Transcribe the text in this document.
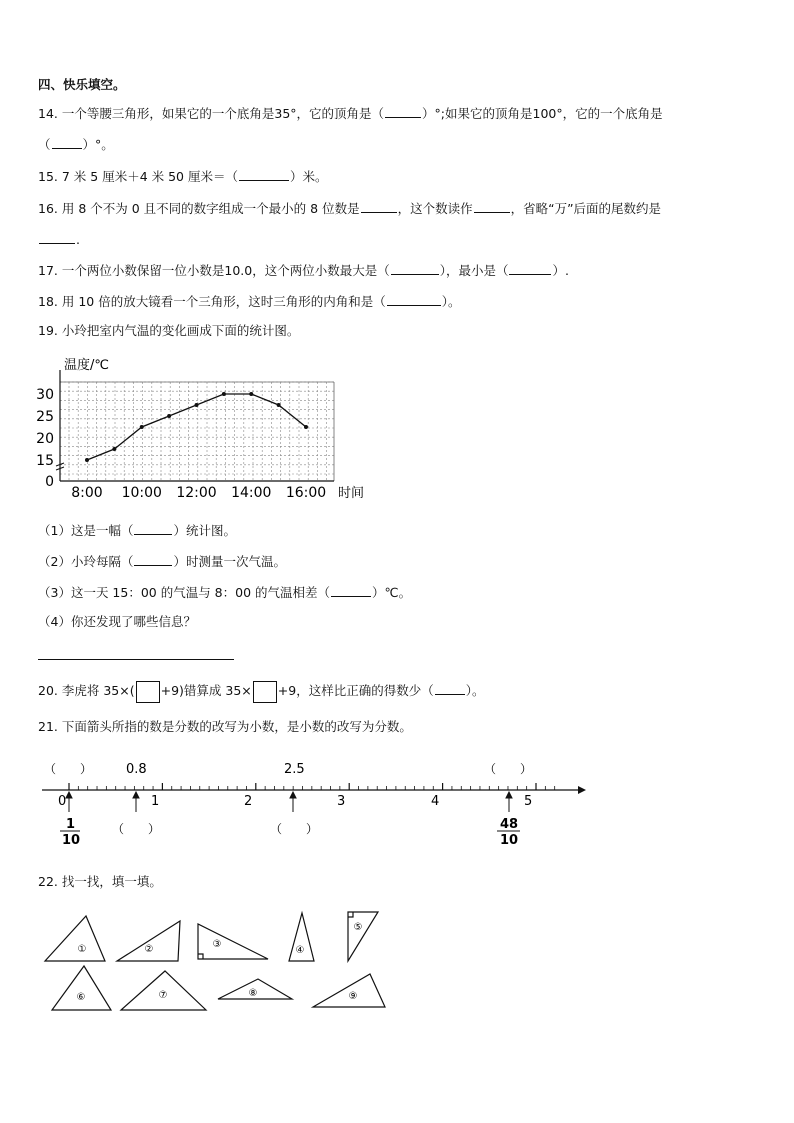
四、快乐填空。
14. 一个等腰三角形，如果它的一个底角是35°，它的顶角是（	）°;如果它的顶角是100°，它的一个底角是
（	）°。
15. 7 米 5 厘米＋4 米 50 厘米＝（	）米。
16. 用 8 个不为 0 且不同的数字组成一个最小的 8 位数是	，这个数读作	，省略“万”后面的尾数约是
.
17. 一个两位小数保留一位小数是10.0，这个两位小数最大是（	），最小是（	）.
18. 用 10 倍的放大镜看一个三角形，这时三角形的内角和是（	）。
19. 小玲把室内气温的变化画成下面的统计图。
30
25
20
15
0
8:00 10:00 12:00 14:00 16:00
温度/℃
时间
（1）这是一幅（	）统计图。
（2）小玲每隔（	）时测量一次气温。
（3）这一天 15：00 的气温与 8：00 的气温相差（	）℃。
（4）你还发现了哪些信息？
20. 李虎将 35×( +9)错算成 35× +9，这样比正确的得数少（	）。
21. 下面箭头所指的数是分数的改写为小数，是小数的改写为分数。
（　　）	0.8	2.5	（　　）
0	1	2	3	4	5
1
10
（　　）	（　　）	48
10
22. 找一找，填一填。
①	②	③
④
⑤
⑥	⑦	⑧	⑨
